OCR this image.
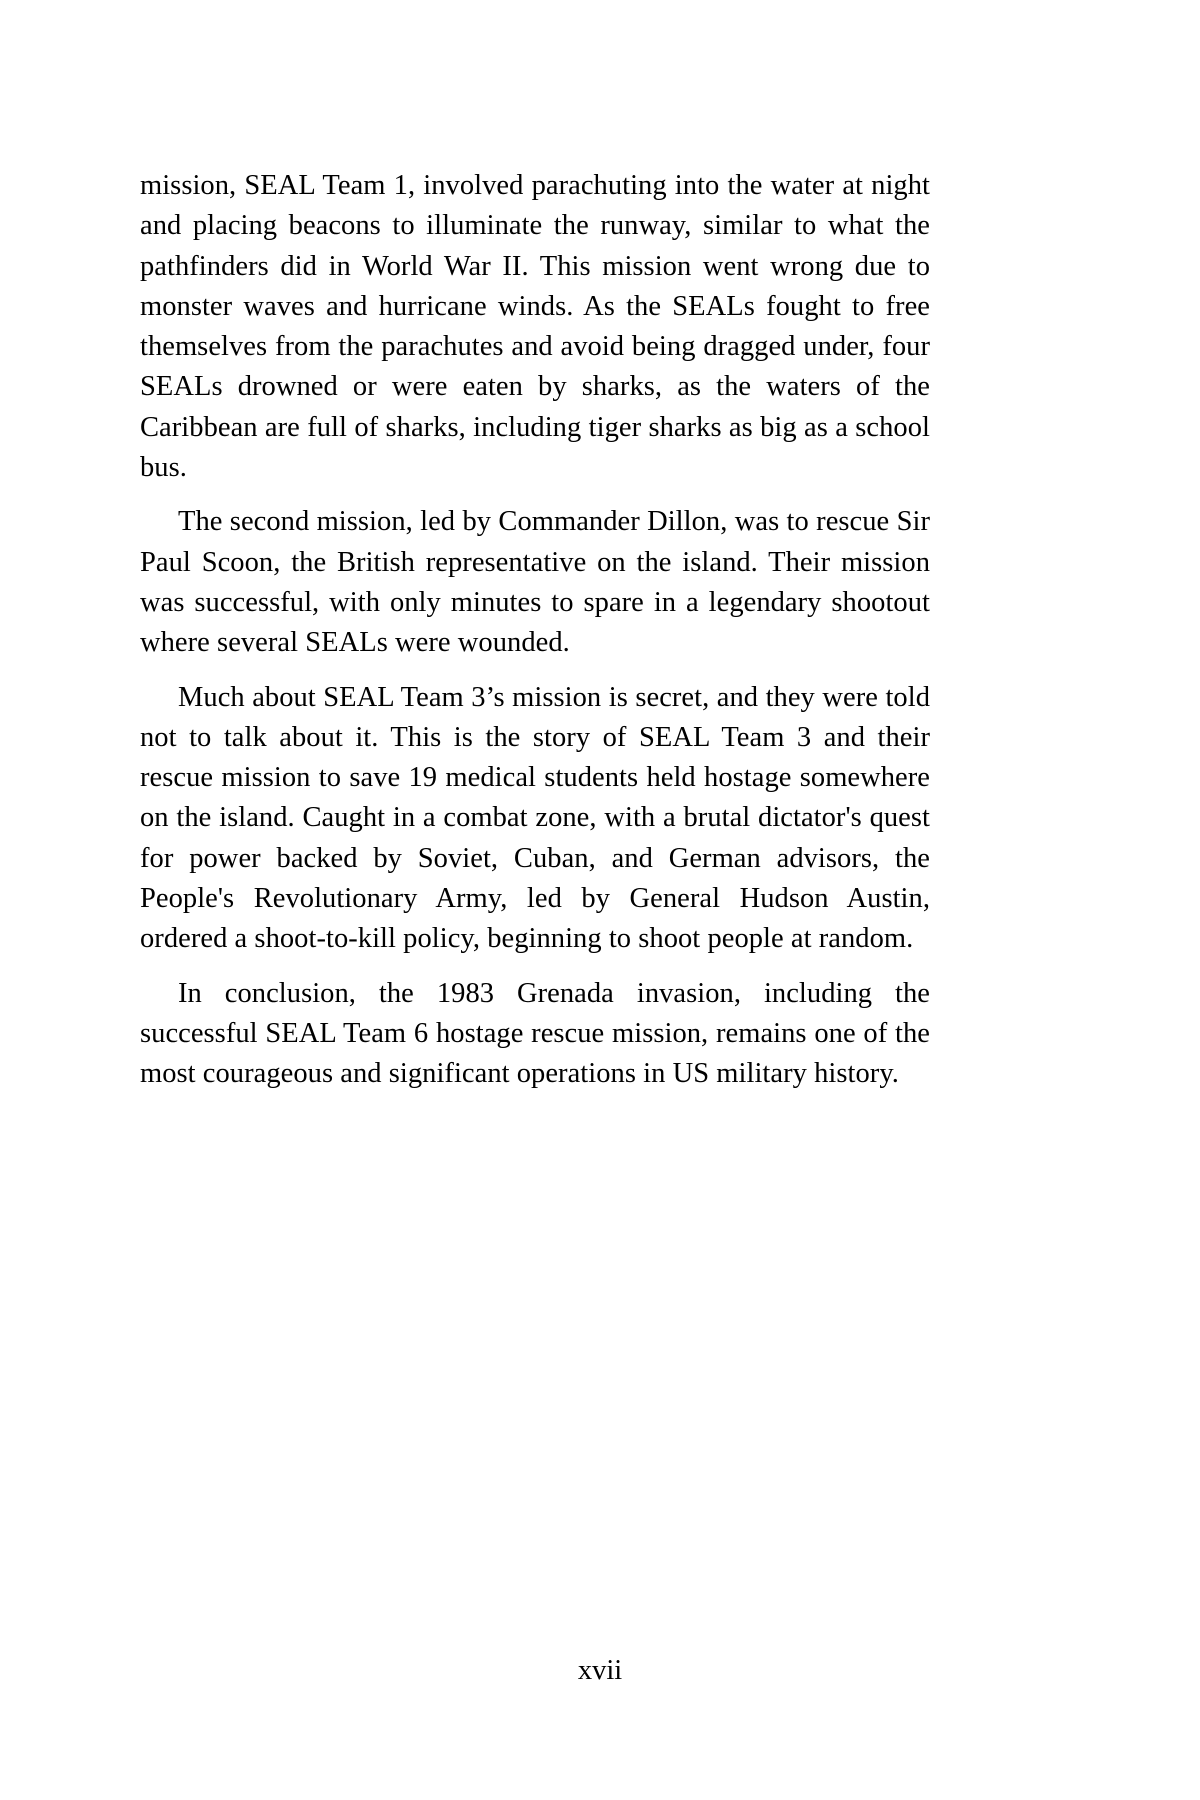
mission, SEAL Team 1, involved parachuting into the water at night and placing beacons to illuminate the runway, similar to what the pathfinders did in World War II. This mission went wrong due to monster waves and hurricane winds. As the SEALs fought to free themselves from the parachutes and avoid being dragged under, four SEALs drowned or were eaten by sharks, as the waters of the Caribbean are full of sharks, including tiger sharks as big as a school bus.

The second mission, led by Commander Dillon, was to rescue Sir Paul Scoon, the British representative on the island. Their mission was successful, with only minutes to spare in a legendary shootout where several SEALs were wounded.

Much about SEAL Team 3’s mission is secret, and they were told not to talk about it. This is the story of SEAL Team 3 and their rescue mission to save 19 medical students held hostage somewhere on the island. Caught in a combat zone, with a brutal dictator's quest for power backed by Soviet, Cuban, and German advisors, the People's Revolutionary Army, led by General Hudson Austin, ordered a shoot-to-kill policy, beginning to shoot people at random.

In conclusion, the 1983 Grenada invasion, including the successful SEAL Team 6 hostage rescue mission, remains one of the most courageous and significant operations in US military history.

xvii
